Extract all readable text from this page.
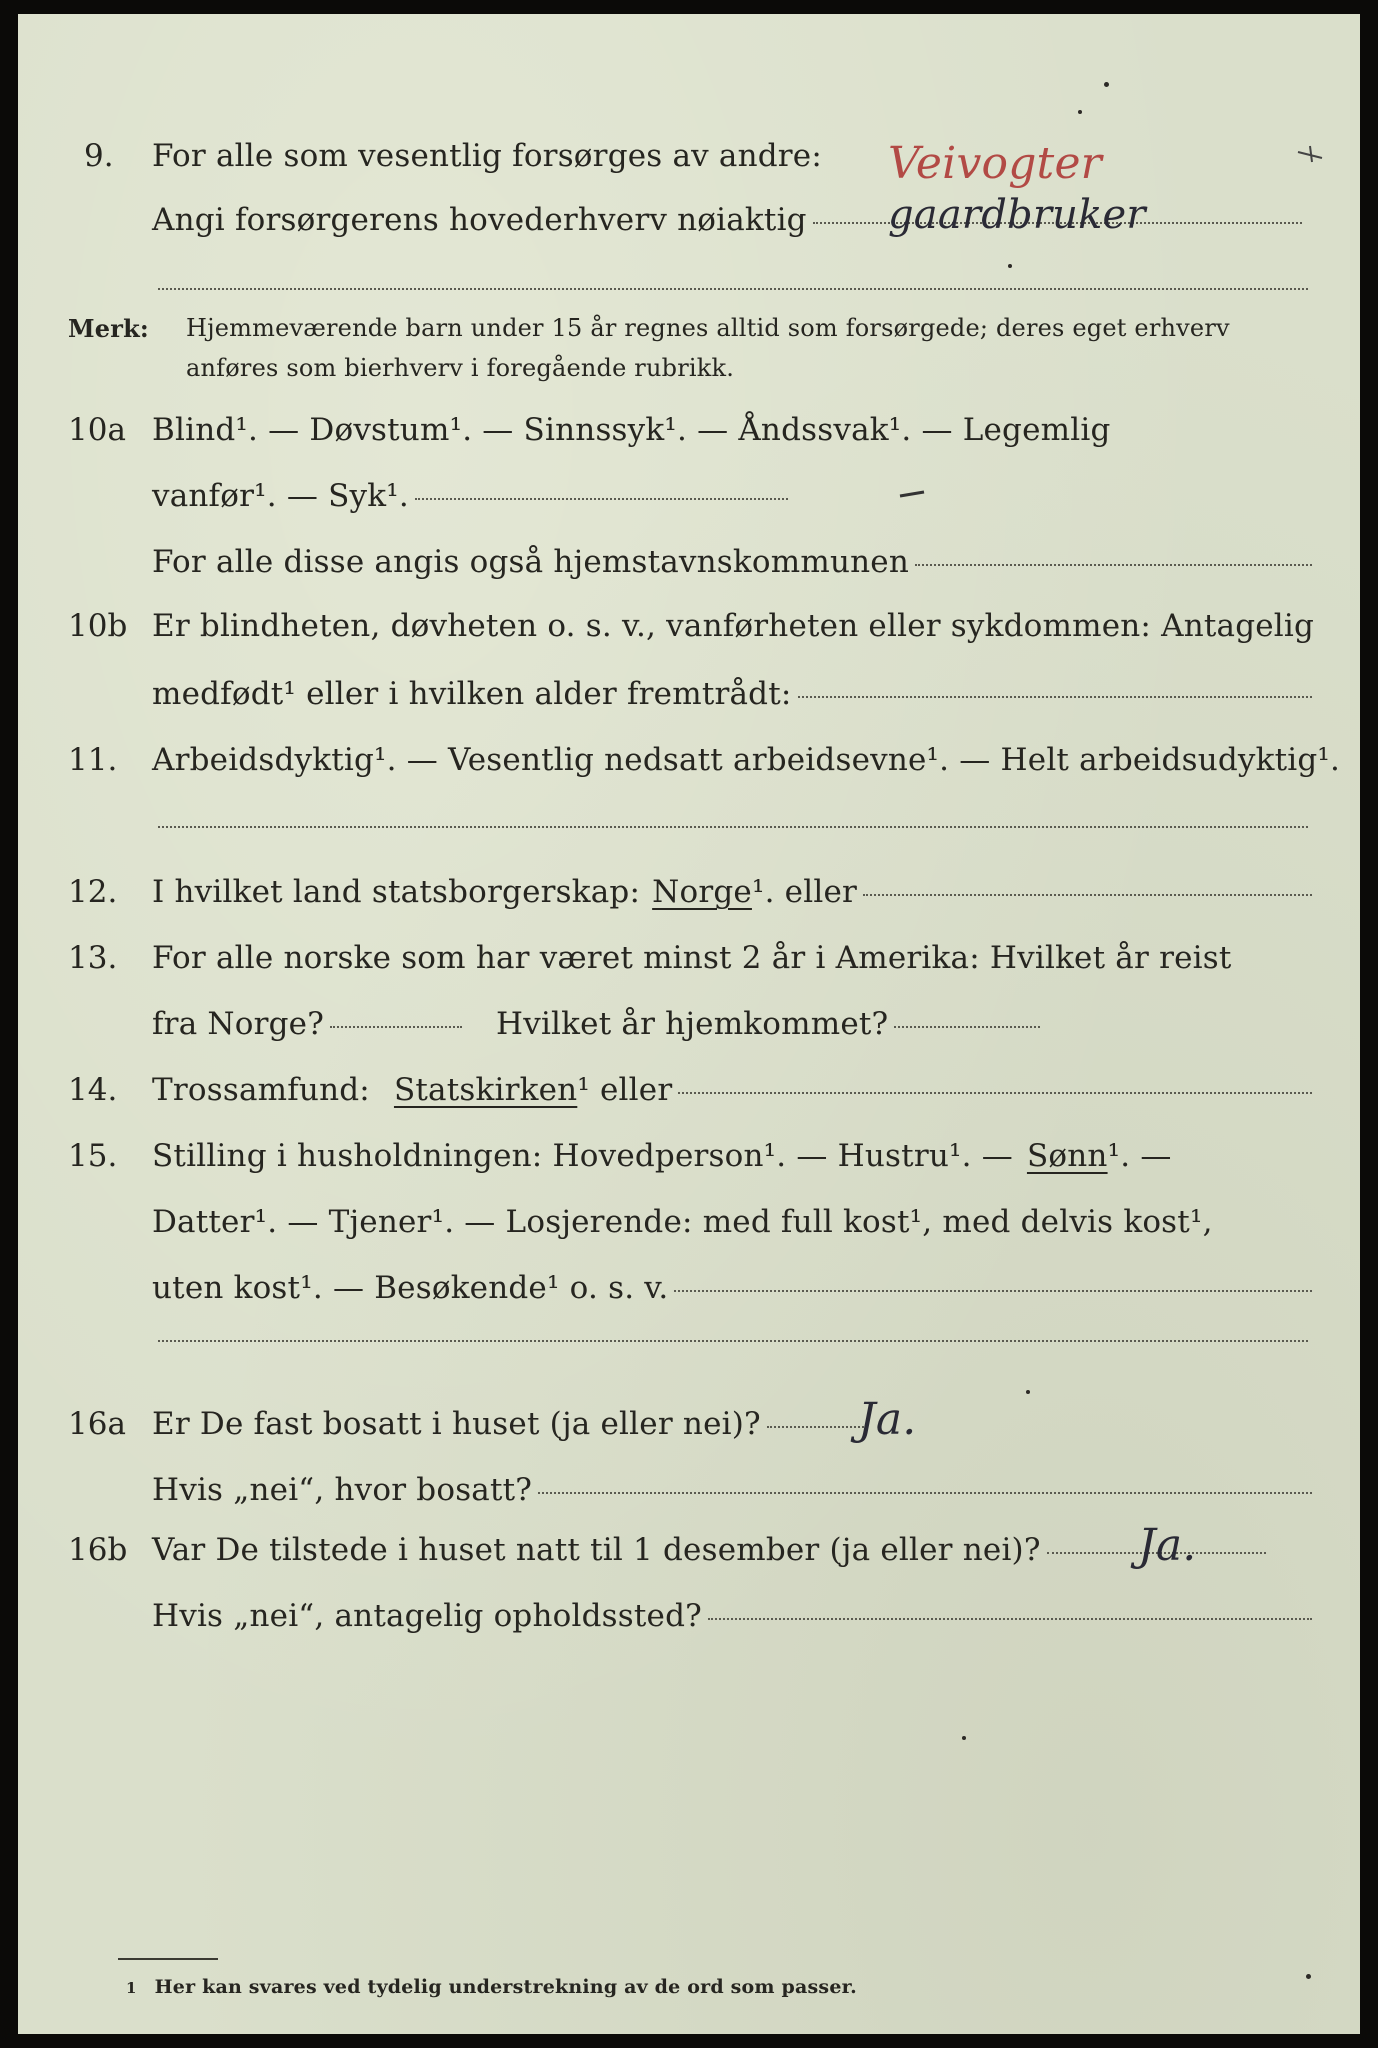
9. For alle som vesentlig forsørges av andre: Veivogter
Angi forsørgerens hovederhverv nøiaktig gaardbruker
Merk: Hjemmeværende barn under 15 år regnes alltid som forsørgede; deres eget erhverv
anføres som bierhverv i foregående rubrikk.
10a Blind¹. — Døvstum¹. — Sinnssyk¹. — Åndssvak¹. — Legemlig
vanfør¹. — Syk¹.
For alle disse angis også hjemstavnskommunen
10b Er blindheten, døvheten o. s. v., vanførheten eller sykdommen: Antagelig
medfødt¹ eller i hvilken alder fremtrådt:
11. Arbeidsdyktig¹. — Vesentlig nedsatt arbeidsevne¹. — Helt arbeidsudyktig¹.
12. I hvilket land statsborgerskap: Norge ¹. eller
13. For alle norske som har været minst 2 år i Amerika: Hvilket år reist
fra Norge?	Hvilket år hjemkommet?
14. Trossamfund: Statskirken ¹ eller
15. Stilling i husholdningen: Hovedperson¹. — Hustru¹. — Sønn ¹. —
Datter¹. — Tjener¹. — Losjerende: med full kost¹, med delvis kost¹,
uten kost¹. — Besøkende¹ o. s. v.
16a Er De fast bosatt i huset (ja eller nei)? Ja.
Hvis „nei“, hvor bosatt?
16b Var De tilstede i huset natt til 1 desember (ja eller nei)? Ja.
Hvis „nei“, antagelig opholdssted?
1 Her kan svares ved tydelig understrekning av de ord som passer.
